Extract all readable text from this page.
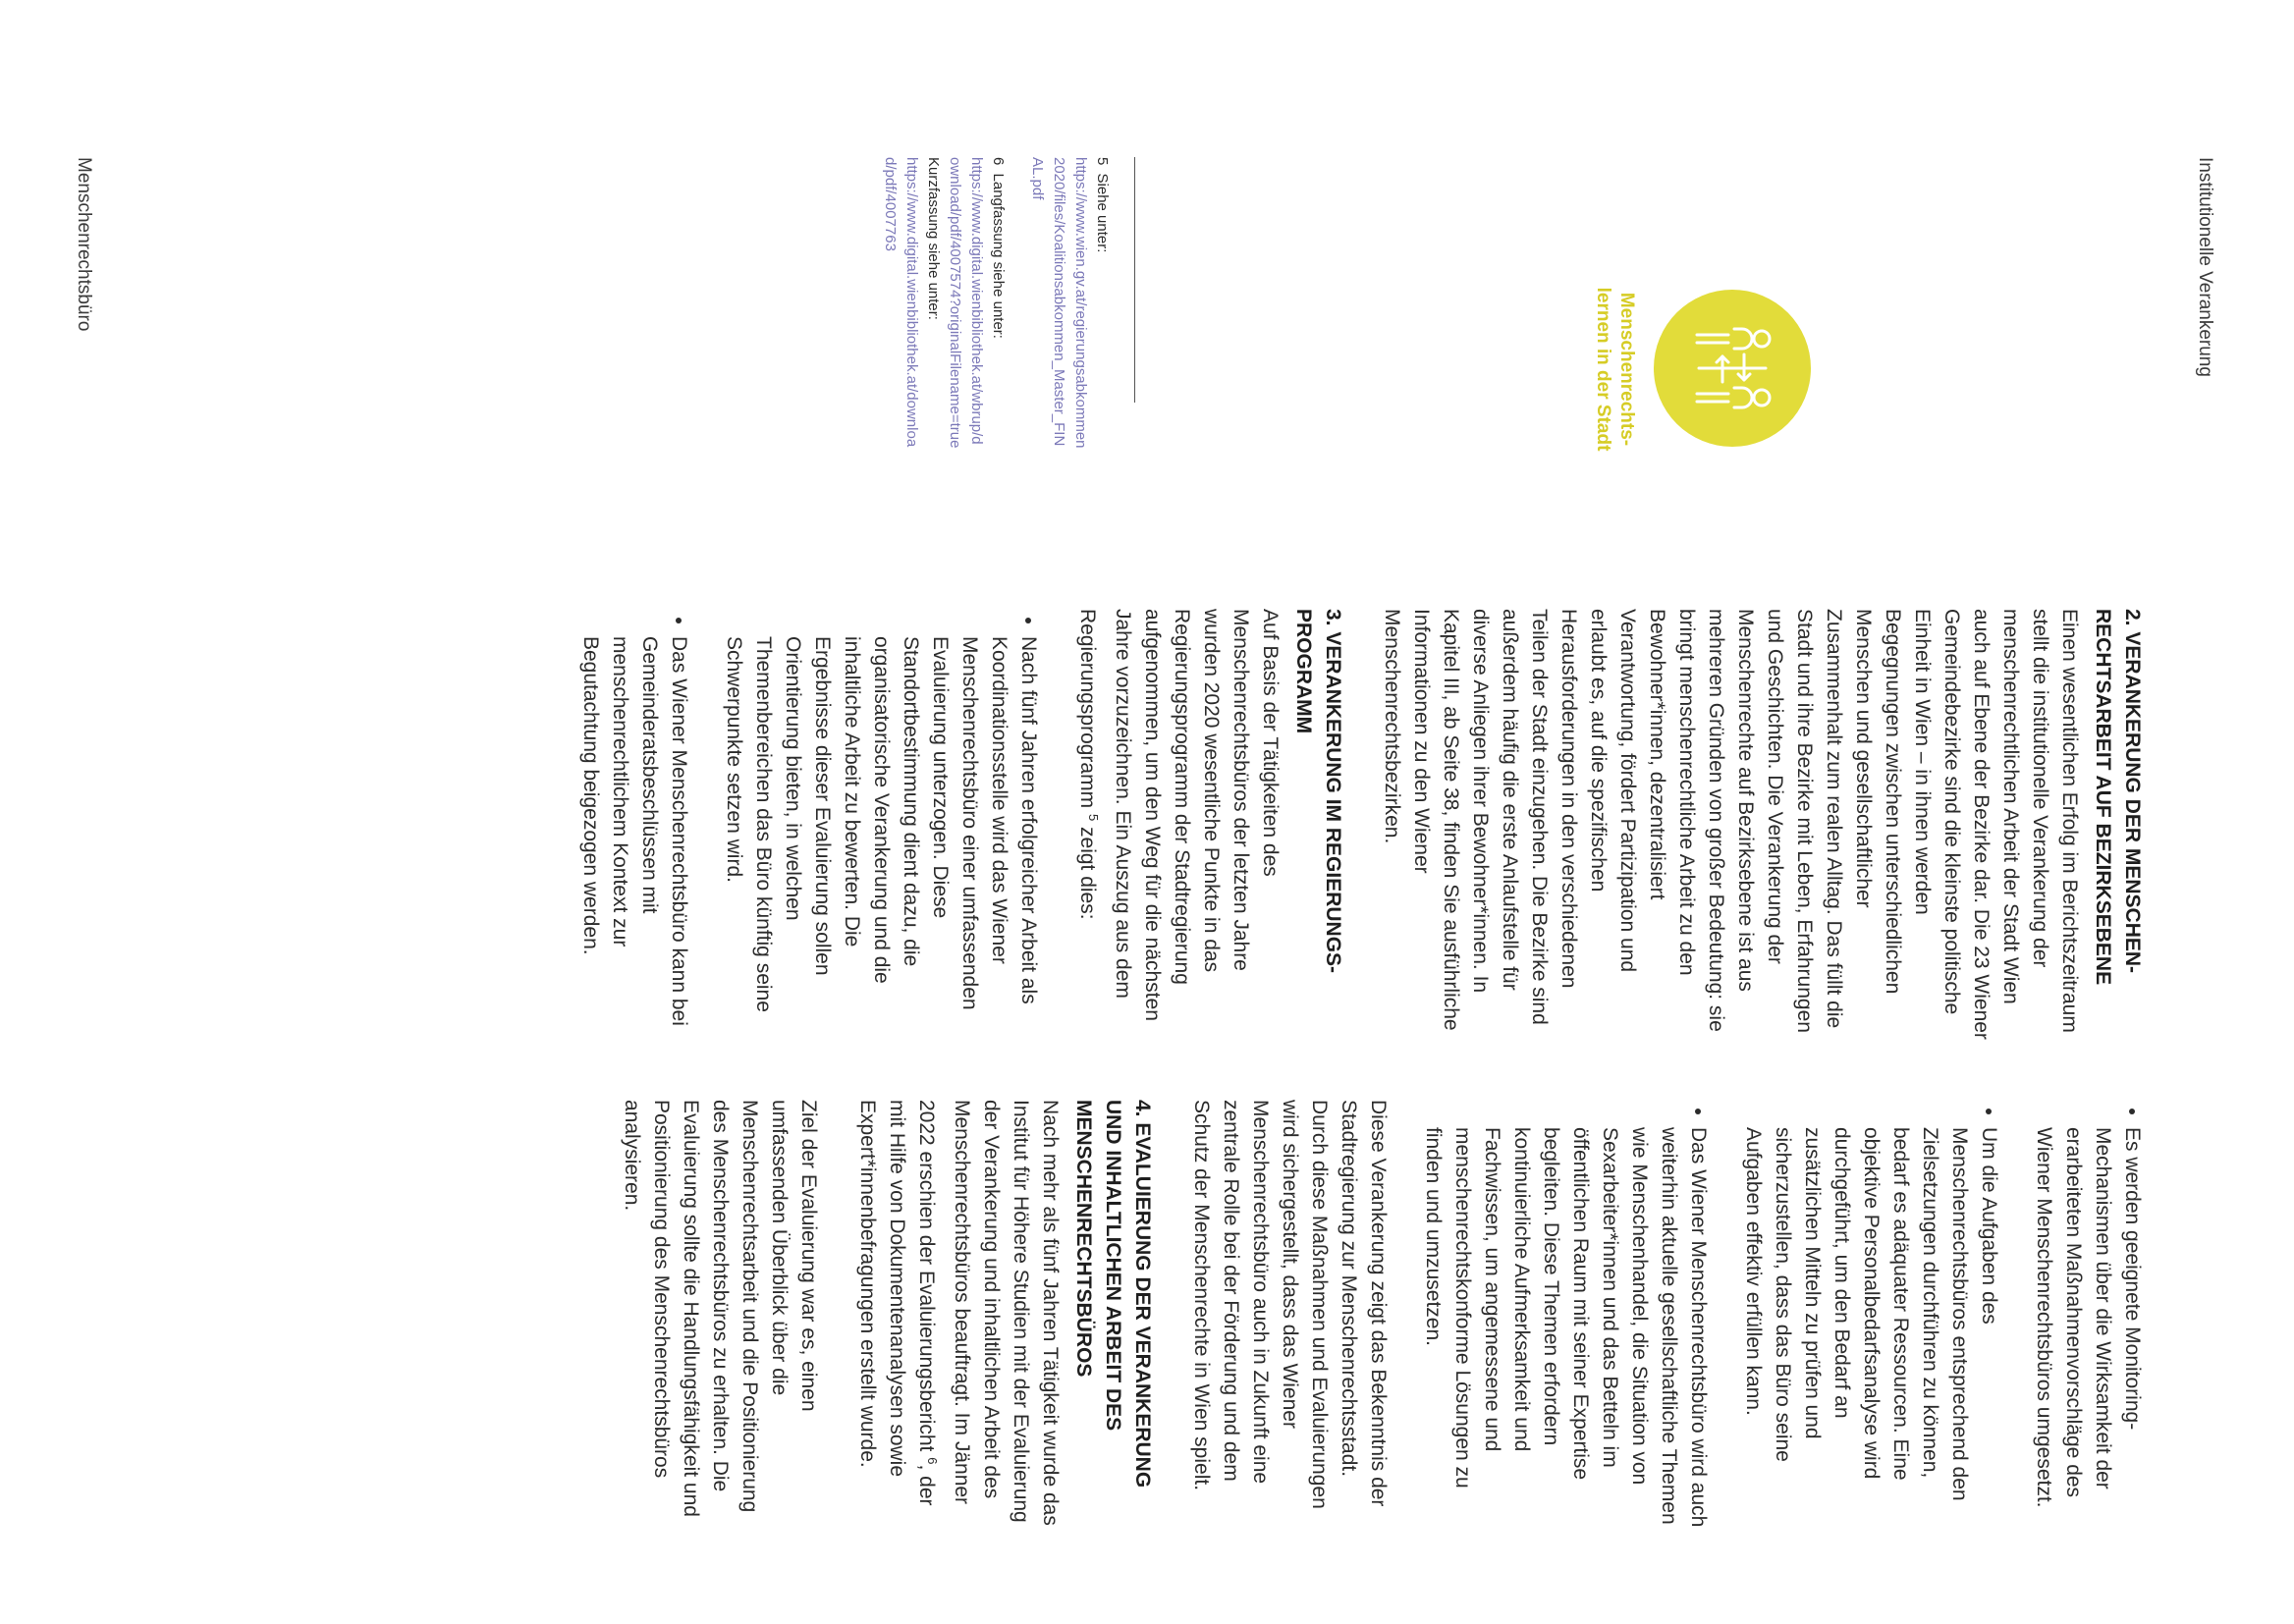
Institutionelle Verankerung
Menschenrechts-
lernen in der Stadt
2. VERANKERUNG DER MENSCHEN-RECHTSARBEIT AUF BEZIRKSEBENE

Einen wesentlichen Erfolg im Berichtszeitraum stellt die institutionelle Verankerung der menschenrechtlichen Arbeit der Stadt Wien auch auf Ebene der Bezirke dar. Die 23 Wiener Gemeindebezirke sind die kleinste politische Einheit in Wien – in ihnen werden Begegnungen zwischen unterschiedlichen Menschen und gesellschaftlicher Zusammenhalt zum realen Alltag. Das füllt die Stadt und ihre Bezirke mit Leben, Erfahrungen und Geschichten. Die Verankerung der Menschenrechte auf Bezirksebene ist aus mehreren Gründen von großer Bedeutung: sie bringt menschenrechtliche Arbeit zu den Bewohner*innen, dezentralisiert Verantwortung, fördert Partizipation und erlaubt es, auf die spezifischen Herausforderungen in den verschiedenen Teilen der Stadt einzugehen. Die Bezirke sind außerdem häufig die erste Anlaufstelle für diverse Anliegen ihrer Bewohner*innen. In Kapitel III, ab Seite 38, finden Sie ausführliche Informationen zu den Wiener Menschenrechtsbezirken.

3. VERANKERUNG IM REGIERUNGS-PROGRAMM

Auf Basis der Tätigkeiten des Menschenrechtsbüros der letzten Jahre wurden 2020 wesentliche Punkte in das Regierungsprogramm der Stadtregierung aufgenommen, um den Weg für die nächsten Jahre vorzuzeichnen. Ein Auszug aus dem Regierungsprogramm $^5$ zeigt dies:

• Nach fünf Jahren erfolgreicher Arbeit als Koordinationsstelle wird das Wiener Menschenrechtsbüro einer umfassenden Evaluierung unterzogen. Diese Standortbestimmung dient dazu, die organisatorische Verankerung und die inhaltliche Arbeit zu bewerten. Die Ergebnisse dieser Evaluierung sollen Orientierung bieten, in welchen Themenbereichen das Büro künftig seine Schwerpunkte setzen wird.
• Das Wiener Menschenrechtsbüro kann bei Gemeinderatsbeschlüssen mit menschenrechtlichem Kontext zur Begutachtung beigezogen werden.
• Es werden geeignete Monitoring-Mechanismen über die Wirksamkeit der erarbeiteten Maßnahmenvorschläge des Wiener Menschenrechtsbüros umgesetzt.
• Um die Aufgaben des Menschenrechtsbüros entsprechend den Zielsetzungen durchführen zu können, bedarf es adäquater Ressourcen. Eine objektive Personalbedarfsanalyse wird durchgeführt, um den Bedarf an zusätzlichen Mitteln zu prüfen und sicherzustellen, dass das Büro seine Aufgaben effektiv erfüllen kann.
• Das Wiener Menschenrechtsbüro wird auch weiterhin aktuelle gesellschaftliche Themen wie Menschenhandel, die Situation von Sexarbeiter*innen und das Betteln im öffentlichen Raum mit seiner Expertise begleiten. Diese Themen erfordern kontinuierliche Aufmerksamkeit und Fachwissen, um angemessene und menschenrechtskonforme Lösungen zu finden und umzusetzen.

Diese Verankerung zeigt das Bekenntnis der Stadtregierung zur Menschenrechtsstadt. Durch diese Maßnahmen und Evaluierungen wird sichergestellt, dass das Wiener Menschenrechtsbüro auch in Zukunft eine zentrale Rolle bei der Förderung und dem Schutz der Menschenrechte in Wien spielt.

4. EVALUIERUNG DER VERANKERUNG UND INHALTLICHEN ARBEIT DES MENSCHENRECHTSBÜROS

Nach mehr als fünf Jahren Tätigkeit wurde das Institut für Höhere Studien mit der Evaluierung der Verankerung und inhaltlichen Arbeit des Menschenrechtsbüros beauftragt. Im Jänner 2022 erschien der Evaluierungsbericht $^6$, der mit Hilfe von Dokumentenanalysen sowie Expert*innenbefragungen erstellt wurde.

Ziel der Evaluierung war es, einen umfassenden Überblick über die Menschenrechtsarbeit und die Positionierung des Menschenrechtsbüros zu erhalten. Die Evaluierung sollte die Handlungsfähigkeit und Positionierung des Menschenrechtsbüros analysieren.

5 Siehe unter:
https://www.wien.gv.at/regierungsabkommen2020/files/Koalitionsabkommen_Master_FINAL.pdf
6 Langfassung siehe unter:
https://www.digital.wienbibliothek.at/wbrup/download/pdf/4007574?originalFilename=true
Kurzfassung siehe unter:
https://www.digital.wienbibliothek.at/download/pdf/4007763
Menschenrechtsbüro
